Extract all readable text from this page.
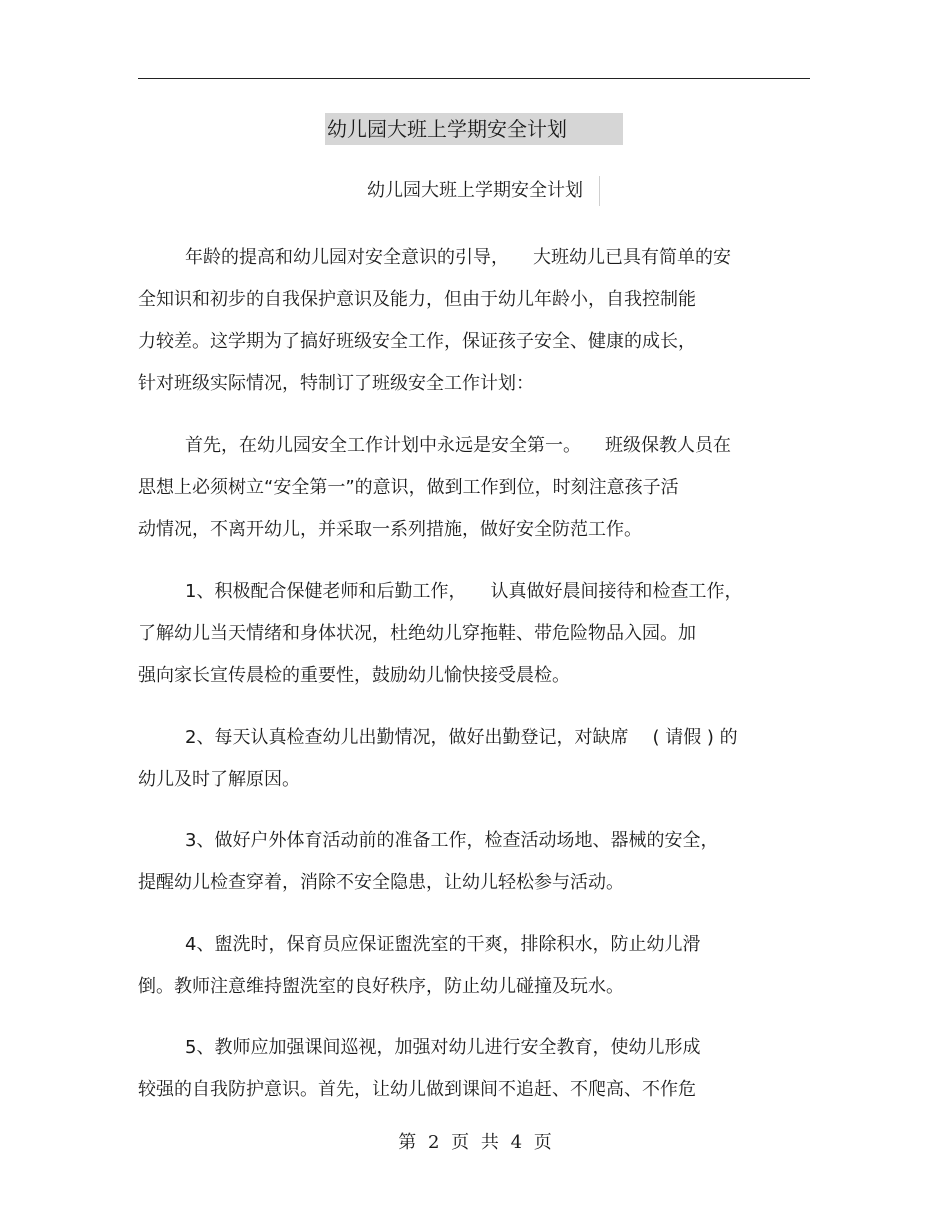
幼儿园大班上学期安全计划
幼儿园大班上学期安全计划
年龄的提高和幼儿园对安全意识的引导， 大班幼儿已具有简单的安
全知识和初步的自我保护意识及能力，但由于幼儿年龄小，自我控制能
力较差。这学期为了搞好班级安全工作，保证孩子安全、健康的成长，
针对班级实际情况，特制订了班级安全工作计划：
首先，在幼儿园安全工作计划中永远是安全第一。 班级保教人员在
思想上必须树立“安全第一”的意识，做到工作到位，时刻注意孩子活
动情况，不离开幼儿，并采取一系列措施，做好安全防范工作。
1、积极配合保健老师和后勤工作， 认真做好晨间接待和检查工作，
了解幼儿当天情绪和身体状况，杜绝幼儿穿拖鞋、带危险物品入园。加
强向家长宣传晨检的重要性，鼓励幼儿愉快接受晨检。
2、每天认真检查幼儿出勤情况，做好出勤登记，对缺席 ( 请假 ) 的
幼儿及时了解原因。
3、做好户外体育活动前的准备工作，检查活动场地、器械的安全，
提醒幼儿检查穿着，消除不安全隐患，让幼儿轻松参与活动。
4、盥洗时，保育员应保证盥洗室的干爽，排除积水，防止幼儿滑
倒。教师注意维持盥洗室的良好秩序，防止幼儿碰撞及玩水。
5、教师应加强课间巡视，加强对幼儿进行安全教育，使幼儿形成
较强的自我防护意识。首先，让幼儿做到课间不追赶、不爬高、不作危
第 2 页 共 4 页
